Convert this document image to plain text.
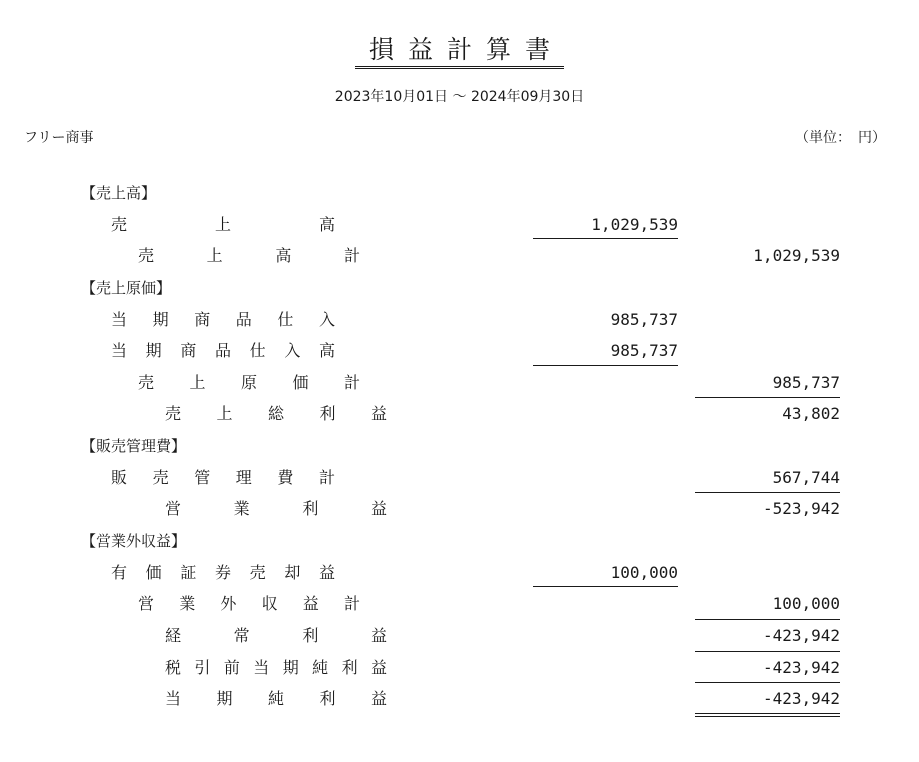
損益計算書
2023年10月01日 〜 2024年09月30日
フリー商事	（単位：　円）
【売上高】
売 上 高	1,029,539
売 上 高 計	1,029,539
【売上原価】
当 期 商 品 仕 入	985,737
当 期 商 品 仕 入 高	985,737
売 上 原 価 計	985,737
売 上 総 利 益	43,802
【販売管理費】
販 売 管 理 費 計	567,744
営 業 利 益	-523,942
【営業外収益】
有 価 証 券 売 却 益	100,000
営 業 外 収 益 計	100,000
経 常 利 益	-423,942
税 引 前 当 期 純 利 益	-423,942
当 期 純 利 益	-423,942
